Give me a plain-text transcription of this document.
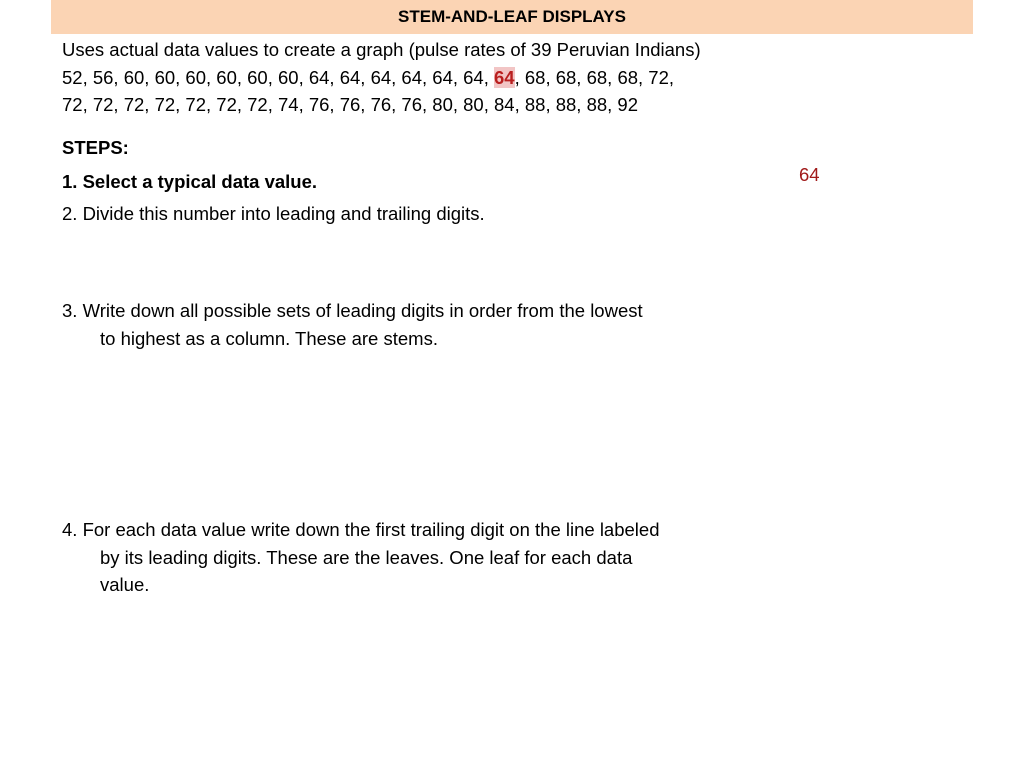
STEM-AND-LEAF DISPLAYS

Uses actual data values to create a graph (pulse rates of 39 Peruvian Indians)

52, 56, 60, 60, 60, 60, 60, 60, 64, 64, 64, 64, 64, 64, 64, 68, 68, 68, 68, 72,

72, 72, 72, 72, 72, 72, 72, 74, 76, 76, 76, 76, 80, 80, 84, 88, 88, 88, 92

STEPS:

1. Select a typical data value.

2. Divide this number into leading and trailing digits.

3. Write down all possible sets of leading digits in order from the lowest to highest as a column. These are stems.

4. For each data value write down the first trailing digit on the line labeled by its leading digits. These are the leaves. One leaf for each data value.

64
